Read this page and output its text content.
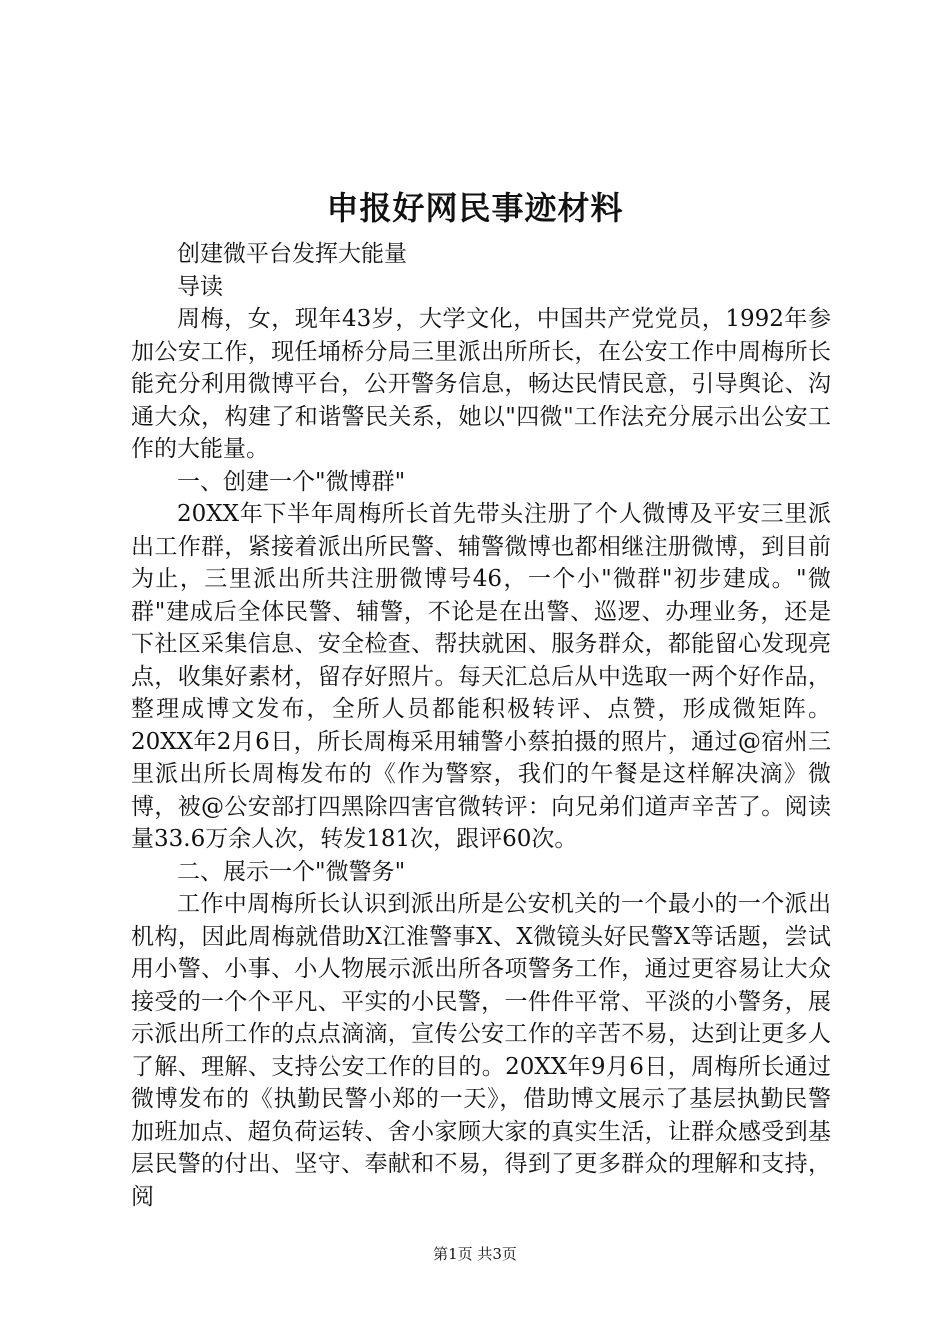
申报好网民事迹材料

创建微平台发挥大能量

导读

周梅，女，现年43岁，大学文化，中国共产党党员，1992年参加公安工作，现任埇桥分局三里派出所所长，在公安工作中周梅所长能充分利用微博平台，公开警务信息，畅达民情民意，引导舆论、沟通大众，构建了和谐警民关系，她以"四微"工作法充分展示出公安工作的大能量。

一、创建一个"微博群"

20XX年下半年周梅所长首先带头注册了个人微博及平安三里派出工作群，紧接着派出所民警、辅警微博也都相继注册微博，到目前为止，三里派出所共注册微博号46，一个小"微群"初步建成。"微群"建成后全体民警、辅警，不论是在出警、巡逻、办理业务，还是下社区采集信息、安全检查、帮扶就困、服务群众，都能留心发现亮点，收集好素材，留存好照片。每天汇总后从中选取一两个好作品，整理成博文发布，全所人员都能积极转评、点赞，形成微矩阵。20XX年2月6日，所长周梅采用辅警小蔡拍摄的照片，通过@宿州三里派出所长周梅发布的《作为警察，我们的午餐是这样解决滴》微博，被@公安部打四黑除四害官微转评：向兄弟们道声辛苦了。阅读量33.6万余人次，转发181次，跟评60次。

二、展示一个"微警务"

工作中周梅所长认识到派出所是公安机关的一个最小的一个派出机构，因此周梅就借助X江淮警事X、X微镜头好民警X等话题，尝试用小警、小事、小人物展示派出所各项警务工作，通过更容易让大众接受的一个个平凡、平实的小民警，一件件平常、平淡的小警务，展示派出所工作的点点滴滴，宣传公安工作的辛苦不易，达到让更多人了解、理解、支持公安工作的目的。20XX年9月6日，周梅所长通过微博发布的《执勤民警小郑的一天》，借助博文展示了基层执勤民警加班加点、超负荷运转、舍小家顾大家的真实生活，让群众感受到基层民警的付出、坚守、奉献和不易，得到了更多群众的理解和支持，阅

第1页 共3页
